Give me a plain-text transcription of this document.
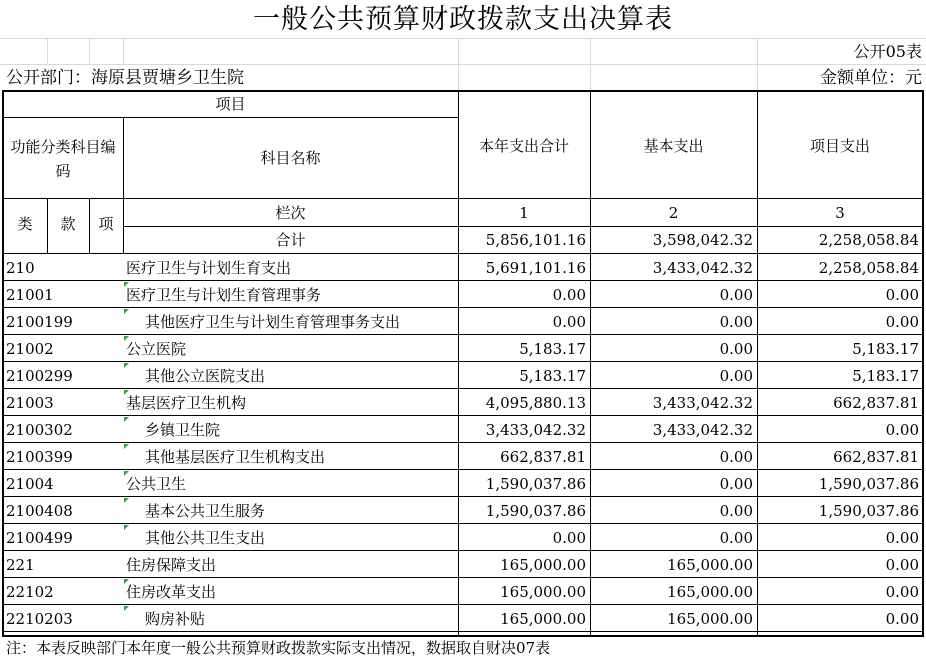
一般公共预算财政拨款支出决算表
公开05表
公开部门：海原县贾塘乡卫生院	金额单位：元
项目
功能分类科目编码
科目名称
本年支出合计	基本支出	项目支出
类	款	项
栏次	1	2	3
合计	5,856,101.16	3,598,042.32	2,258,058.84
210	医疗卫生与计划生育支出	5,691,101.16	3,433,042.32	2,258,058.84
21001	医疗卫生与计划生育管理事务	0.00	0.00	0.00
2100199	其他医疗卫生与计划生育管理事务支出	0.00	0.00	0.00
21002	公立医院	5,183.17	0.00	5,183.17
2100299	其他公立医院支出	5,183.17	0.00	5,183.17
21003	基层医疗卫生机构	4,095,880.13	3,433,042.32	662,837.81
2100302	乡镇卫生院	3,433,042.32	3,433,042.32	0.00
2100399	其他基层医疗卫生机构支出	662,837.81	0.00	662,837.81
21004	公共卫生	1,590,037.86	0.00	1,590,037.86
2100408	基本公共卫生服务	1,590,037.86	0.00	1,590,037.86
2100499	其他公共卫生支出	0.00	0.00	0.00
221	住房保障支出	165,000.00	165,000.00	0.00
22102	住房改革支出	165,000.00	165,000.00	0.00
2210203	购房补贴	165,000.00	165,000.00	0.00
注：本表反映部门本年度一般公共预算财政拨款实际支出情况，数据取自财决07表
